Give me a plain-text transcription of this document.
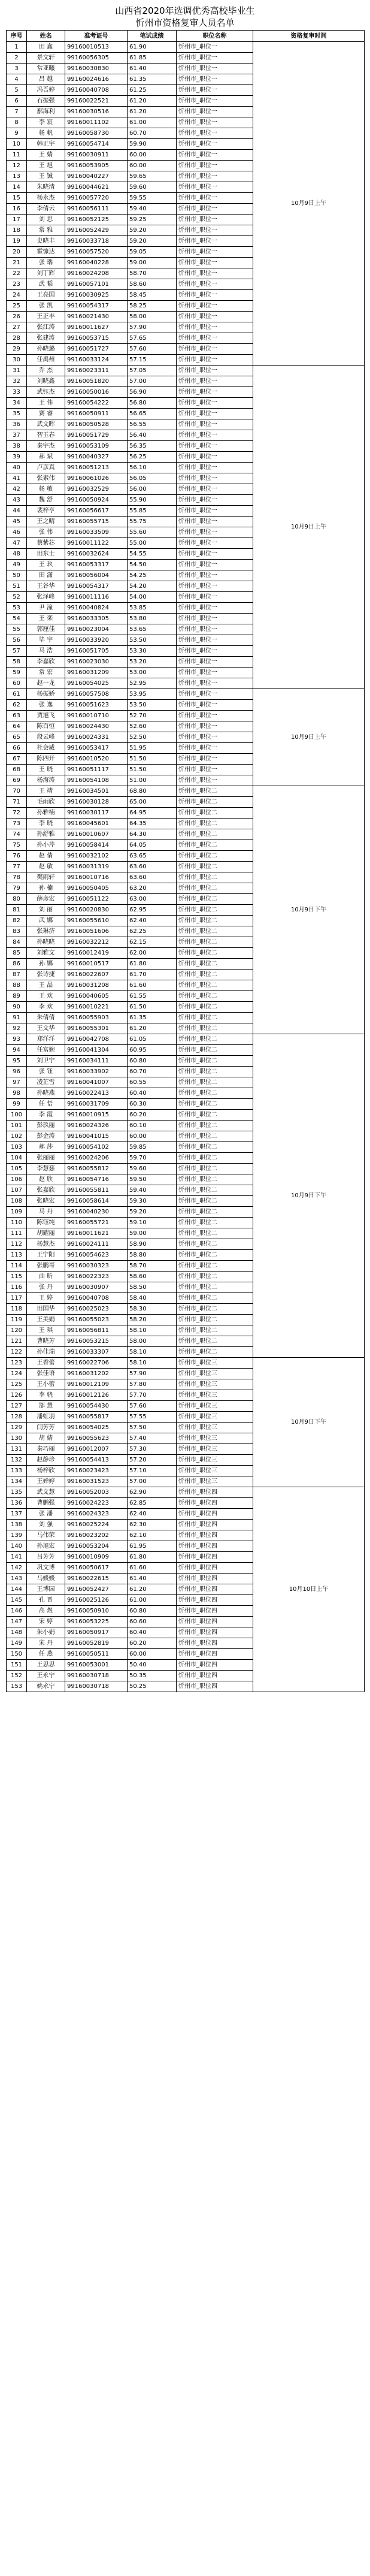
山西省2020年选调优秀高校毕业生
忻州市资格复审人员名单
序号	姓名	准考证号	笔试成绩	职位名称	资格复审时间
1	田 鑫	99160010513	61.90	忻州市_职位一	10月9日上午
2	景文轩	99160056305	61.85	忻州市_职位一	
3	常亚曦	99160030830	61.40	忻州市_职位一	
4	吕 越	99160024616	61.35	忻州市_职位一	
5	冯吾婷	99160040708	61.25	忻州市_职位一	
6	石振强	99160022521	61.20	忻州市_职位一	
7	鄯海利	99160030516	61.20	忻州市_职位一	
8	李 宸	99160011102	61.00	忻州市_职位一	
9	杨 帆	99160058730	60.70	忻州市_职位一	
10	韩正宇	99160054714	59.90	忻州市_职位一	
11	王 婧	99160030911	60.00	忻州市_职位一	
12	王 旭	99160053905	60.00	忻州市_职位一	
13	王 铖	99160040227	59.65	忻州市_职位一	
14	朱晓清	99160044621	59.60	忻州市_职位一	
15	杨永杰	99160057720	59.55	忻州市_职位一	
16	李倩云	99160056111	59.40	忻州市_职位一	
17	刘 思	99160052125	59.25	忻州市_职位一	
18	常 雅	99160052429	59.20	忻州市_职位一	
19	史晓丰	99160033718	59.20	忻州市_职位一	
20	霍慷达	99160057520	59.05	忻州市_职位一	
21	张 瑞	99160040228	59.00	忻州市_职位一	
22	刘丁辉	99160024208	58.70	忻州市_职位一	
23	武 韬	99160057101	58.60	忻州市_职位一	
24	王亮国	99160030925	58.45	忻州市_职位一	
25	张 凯	99160054317	58.25	忻州市_职位一	
26	王正丰	99160021430	58.00	忻州市_职位一	
27	张江涛	99160011627	57.90	忻州市_职位一	
28	张建涛	99160053715	57.65	忻州市_职位一	
29	孙晓璐	99160051727	57.60	忻州市_职位一	
30	任禹州	99160033124	57.15	忻州市_职位一	
31	乔 杰	99160023311	57.05	忻州市_职位一	10月9日上午
32	刘晓鑫	99160051820	57.00	忻州市_职位一	
33	武钰杰	99160050016	56.90	忻州市_职位一	
34	王 伟	99160054222	56.80	忻州市_职位一	
35	赛 睿	99160050911	56.65	忻州市_职位一	
36	武文晖	99160050528	56.55	忻州市_职位一	
37	智玉春	99160051729	56.40	忻州市_职位一	
38	秦宇杰	99160053109	56.35	忻州市_职位一	
39	郝 斌	99160040327	56.25	忻州市_职位一	
40	卢彦真	99160051213	56.10	忻州市_职位一	
41	张素伟	99160061026	56.05	忻州市_职位一	
42	杨 敏	99160032529	56.00	忻州市_职位一	
43	魏 舒	99160050924	55.90	忻州市_职位一	
44	裴梓亨	99160056617	55.85	忻州市_职位一	
45	王之晴	99160055715	55.75	忻州市_职位一	
46	张 伟	99160033509	55.60	忻州市_职位一	
47	蔡紫芯	99160011122	55.00	忻州市_职位一	
48	田东士	99160032624	54.55	忻州市_职位一	
49	王 玖	99160053317	54.50	忻州市_职位一	
50	田 潇	99160056004	54.25	忻州市_职位一	
51	王谷华	99160054317	54.20	忻州市_职位一	
52	张泽峰	99160011116	54.00	忻州市_职位一	
53	尹 潼	99160040824	53.85	忻州市_职位一	
54	王 栾	99160033305	53.80	忻州市_职位一	
55	郭厘佳	99160023004	53.65	忻州市_职位一	
56	毕 宇	99160033920	53.50	忻州市_职位一	
57	马 浩	99160051705	53.30	忻州市_职位一	
58	李嘉欣	99160023030	53.20	忻州市_职位一	
59	常 宏	99160031209	53.00	忻州市_职位一	
60	赵一龙	99160054025	52.95	忻州市_职位一	
61	杨振娇	99160057508	53.95	忻州市_职位一	10月9日上午
62	张 逸	99160051623	53.50	忻州市_职位一	
63	贾旭飞	99160010710	52.70	忻州市_职位一	
64	陈百恒	99160024430	52.60	忻州市_职位一	
65	段云峰	99160024331	52.50	忻州市_职位一	
66	杜会威	99160053417	51.95	忻州市_职位一	
67	陈四开	99160010520	51.50	忻州市_职位一	
68	王 晓	99160051117	51.50	忻州市_职位一	
69	杨海涛	99160054108	51.00	忻州市_职位一	
70	王 靖	99160034501	68.80	忻州市_职位二	10月9日下午
71	毛雨欣	99160030128	65.00	忻州市_职位二	
72	孙雅楠	99160030117	64.95	忻州市_职位二	
73	李 晓	99160045601	64.35	忻州市_职位二	
74	孙舒雅	99160010607	64.30	忻州市_职位二	
75	孙小芹	99160058414	64.05	忻州市_职位二	
76	赵 倩	99160032102	63.65	忻州市_职位二	
77	赵 敏	99160031319	63.60	忻州市_职位二	
78	樊雨轩	99160010716	63.60	忻州市_职位二	
79	孙 楠	99160050405	63.20	忻州市_职位二	
80	薛彦宏	99160051122	63.00	忻州市_职位二	
81	刘 丽	99160020830	62.95	忻州市_职位二	
82	武 娜	99160055610	62.40	忻州市_职位二	
83	张琳济	99160051606	62.25	忻州市_职位二	
84	孙晓晓	99160032212	62.15	忻州市_职位二	
85	刘雅文	99160012419	62.00	忻州市_职位二	
86	孙 娜	99160010517	61.80	忻州市_职位二	
87	张诗捷	99160022607	61.70	忻州市_职位二	
88	王 晶	99160031208	61.60	忻州市_职位二	
89	王 欢	99160040605	61.55	忻州市_职位二	
90	李 欢	99160010221	61.50	忻州市_职位二	
91	朱倩倩	99160055903	61.35	忻州市_职位二	
92	王文华	99160055301	61.20	忻州市_职位二	
93	郑洋洋	99160042708	61.05	忻州市_职位二	10月9日下午
94	任富婉	99160041304	60.95	忻州市_职位二	
95	刘卫宁	99160034111	60.80	忻州市_职位二	
96	张 钰	99160033902	60.70	忻州市_职位二	
97	凌芷雪	99160041007	60.55	忻州市_职位二	
98	孙晓燕	99160022413	60.40	忻州市_职位二	
99	任 悟	99160031709	60.30	忻州市_职位二	
100	李 霞	99160010915	60.20	忻州市_职位二	
101	彭玖丽	99160024326	60.10	忻州市_职位二	
102	彭金涛	99160041015	60.00	忻州市_职位二	
103	郝 莎	99160054102	59.85	忻州市_职位二	
104	张丽丽	99160024206	59.70	忻州市_职位二	
105	李慧慈	99160055812	59.60	忻州市_职位二	
106	赵 欣	99160054716	59.50	忻州市_职位二	
107	张嘉欣	99160055811	59.40	忻州市_职位二	
108	张晓宏	99160058614	59.30	忻州市_职位二	
109	马 丹	99160040230	59.20	忻州市_职位二	
110	陈钰纯	99160055721	59.10	忻州市_职位二	
111	胡耀丽	99160011621	59.00	忻州市_职位二	
112	杨慧杰	99160024111	58.90	忻州市_职位二	
113	王宁阳	99160054623	58.80	忻州市_职位二	
114	张鹏哥	99160030323	58.70	忻州市_职位二	
115	曲 昕	99160022323	58.60	忻州市_职位二	
116	张 丹	99160030907	58.50	忻州市_职位二	
117	王 婷	99160040708	58.40	忻州市_职位二	
118	田国华	99160025023	58.30	忻州市_职位二	
119	王美娟	99160055023	58.20	忻州市_职位二	
120	王 琪	99160056811	58.10	忻州市_职位二	
121	曹晓芳	99160053215	58.00	忻州市_职位二	
122	孙佳瑞	99160033307	58.10	忻州市_职位二	
123	王香蕾	99160022706	58.10	忻州市_职位三	10月9日下午
124	张佳语	99160031202	57.90	忻州市_职位三	
125	王小蕾	99160012109	57.80	忻州市_职位三	
126	李 骁	99160012126	57.70	忻州市_职位三	
127	郜 慧	99160054430	57.60	忻州市_职位三	
128	潘虹羽	99160055817	57.55	忻州市_职位三	
129	闫芳芳	99160054025	57.50	忻州市_职位三	
130	胡 婧	99160055623	57.40	忻州市_职位三	
131	秦巧丽	99160012007	57.30	忻州市_职位三	
132	赵静珍	99160054413	57.20	忻州市_职位三	
133	杨梓欣	99160023423	57.10	忻州市_职位三	
134	王婵婷	99160031523	57.00	忻州市_职位三	
135	武文慧	99160052003	62.90	忻州市_职位四	10月10日上午
136	曹鹏强	99160024223	62.85	忻州市_职位四	
137	张 潘	99160024323	62.40	忻州市_职位四	
138	刘 强	99160025224	62.30	忻州市_职位四	
139	马伟荣	99160023202	62.10	忻州市_职位四	
140	孙旭宏	99160053204	61.95	忻州市_职位四	
141	吕芳芳	99160010909	61.80	忻州市_职位四	
142	巩文博	99160050617	61.60	忻州市_职位四	
143	马媛媛	99160022615	61.40	忻州市_职位四	
144	王博园	99160052427	61.20	忻州市_职位四	
145	孔 晋	99160025126	61.00	忻州市_职位四	
146	高 煜	99160050910	60.80	忻州市_职位四	
147	宋 婷	99160053225	60.60	忻州市_职位四	
148	朱小娟	99160050917	60.40	忻州市_职位四	
149	宋 丹	99160052819	60.20	忻州市_职位四	
150	任 燕	99160050511	60.00	忻州市_职位四	
151	王思思	99160053001	50.40	忻州市_职位四	
152	王永宁	99160030718	50.35	忻州市_职位四	
153	姚永宁	99160030718	50.25	忻州市_职位四	
